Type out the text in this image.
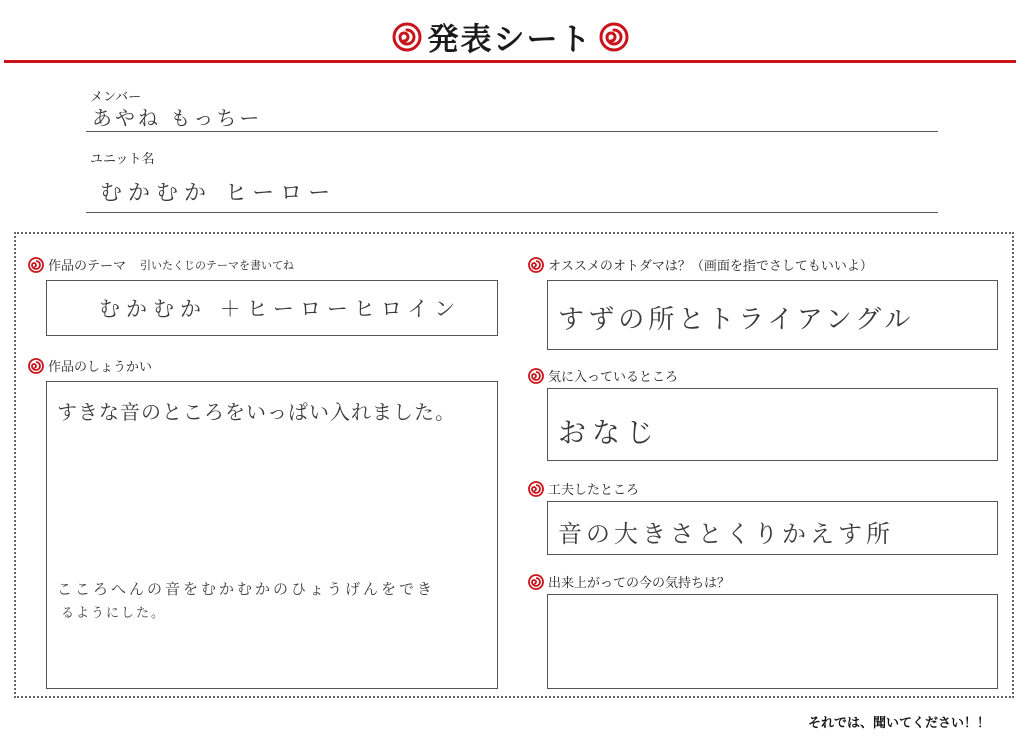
発表シート
メンバー
あやね もっちー
ユニット名
むかむか ヒーロー
作品のテーマ 引いたくじのテーマを書いてね
むかむか ＋ヒーローヒロイン
作品のしょうかい
すきな音のところをいっぱい入れました。
こころへんの音をむかむかのひょうげんをでき
るようにした。
オススメのオトダマは？（画面を指でさしてもいいよ）
すずの所とトライアングル
気に入っているところ
おなじ
工夫したところ
音の大きさとくりかえす所
出来上がっての今の気持ちは？
それでは、聞いてください！！
